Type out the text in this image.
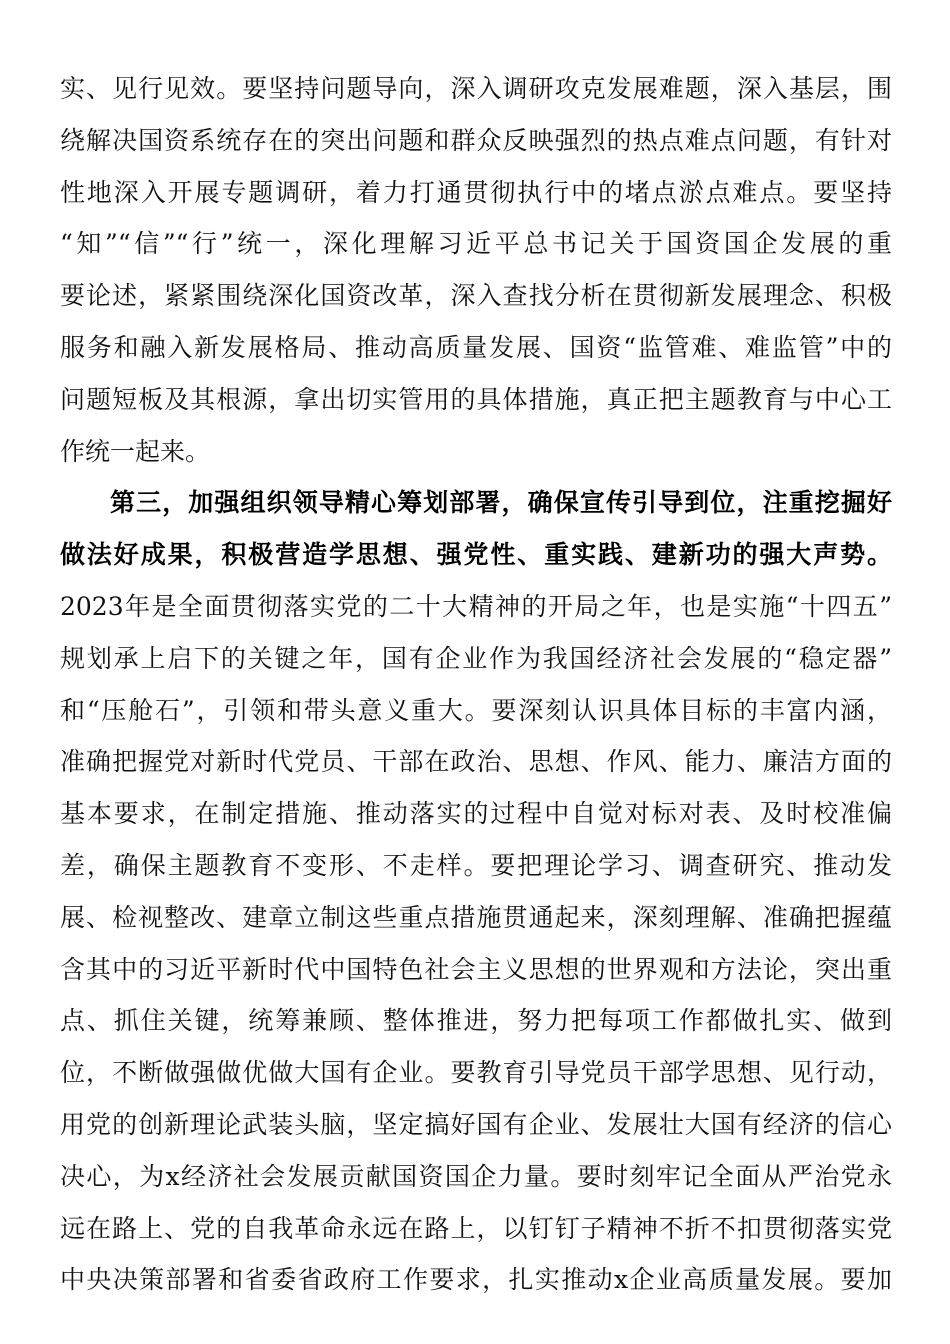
实、见行见效。要坚持问题导向，深入调研攻克发展难题，深入基层，围
绕解决国资系统存在的突出问题和群众反映强烈的热点难点问题，有针对
性地深入开展专题调研，着力打通贯彻执行中的堵点淤点难点。要坚持
“知”“信”“行”统一，深化理解习近平总书记关于国资国企发展的重
要论述，紧紧围绕深化国资改革，深入查找分析在贯彻新发展理念、积极
服务和融入新发展格局、推动高质量发展、国资“监管难、难监管”中的
问题短板及其根源，拿出切实管用的具体措施，真正把主题教育与中心工
作统一起来。
第三，加强组织领导精心筹划部署，确保宣传引导到位，注重挖掘好
做法好成果，积极营造学思想、强党性、重实践、建新功的强大声势。
2023年是全面贯彻落实党的二十大精神的开局之年，也是实施“十四五”
规划承上启下的关键之年，国有企业作为我国经济社会发展的“稳定器”
和“压舱石”，引领和带头意义重大。要深刻认识具体目标的丰富内涵，
准确把握党对新时代党员、干部在政治、思想、作风、能力、廉洁方面的
基本要求，在制定措施、推动落实的过程中自觉对标对表、及时校准偏
差，确保主题教育不变形、不走样。要把理论学习、调查研究、推动发
展、检视整改、建章立制这些重点措施贯通起来，深刻理解、准确把握蕴
含其中的习近平新时代中国特色社会主义思想的世界观和方法论，突出重
点、抓住关键，统筹兼顾、整体推进，努力把每项工作都做扎实、做到
位，不断做强做优做大国有企业。要教育引导党员干部学思想、见行动，
用党的创新理论武装头脑，坚定搞好国有企业、发展壮大国有经济的信心
决心，为x经济社会发展贡献国资国企力量。要时刻牢记全面从严治党永
远在路上、党的自我革命永远在路上，以钉钉子精神不折不扣贯彻落实党
中央决策部署和省委省政府工作要求，扎实推动x企业高质量发展。要加
